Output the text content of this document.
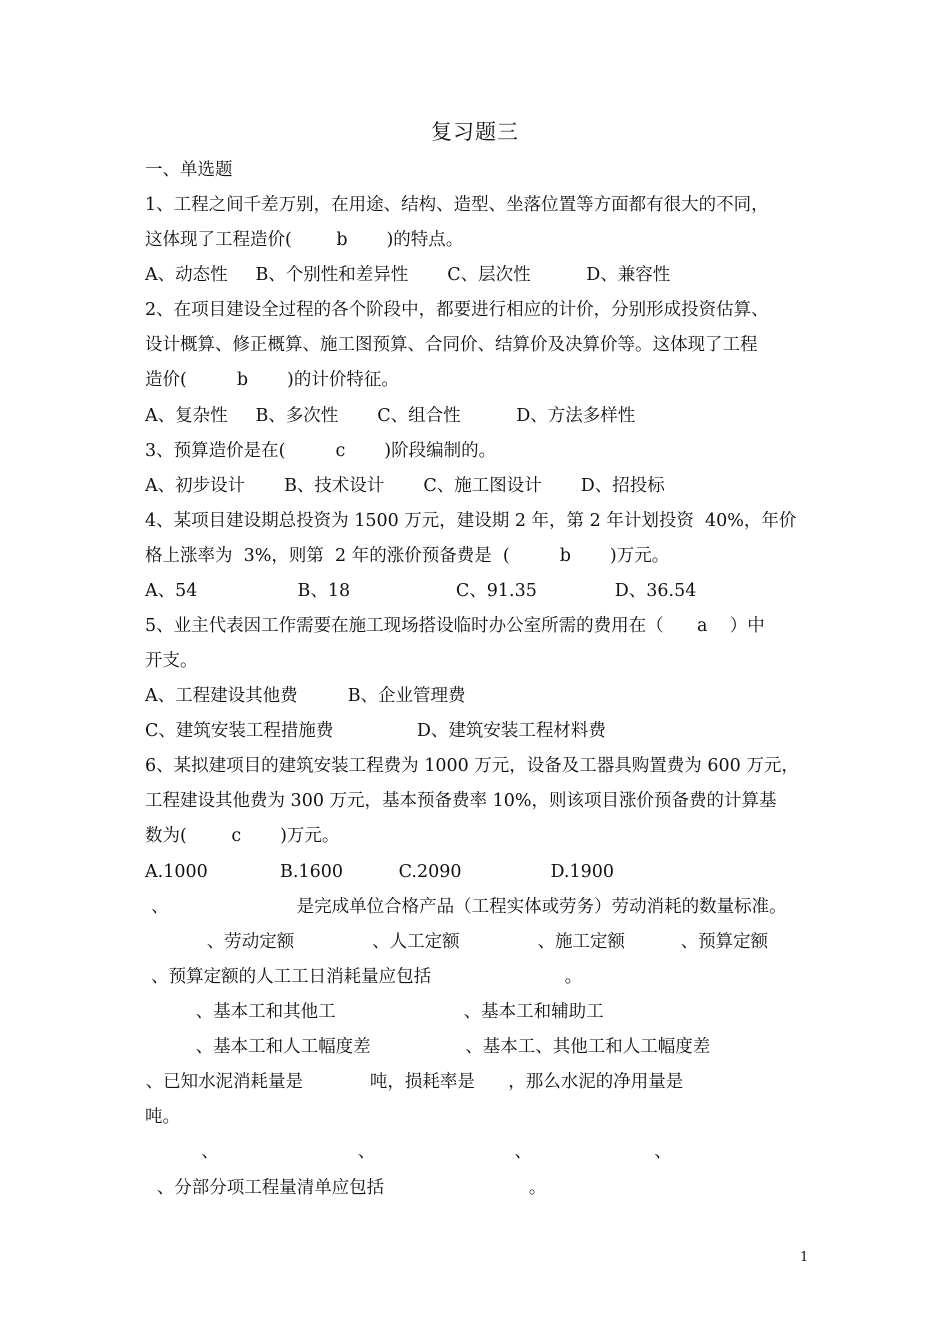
复习题三
一、单选题
1、工程之间千差万别，在用途、结构、造型、坐落位置等方面都有很大的不同，
这体现了工程造价(        b       )的特点。
A、动态性     B、个别性和差异性       C、层次性          D、兼容性
2、在项目建设全过程的各个阶段中，都要进行相应的计价，分别形成投资估算、
设计概算、修正概算、施工图预算、合同价、结算价及决算价等。这体现了工程
造价(         b       )的计价特征。
A、复杂性     B、多次性       C、组合性          D、方法多样性
3、预算造价是在(         c       )阶段编制的。
A、初步设计       B、技术设计       C、施工图设计       D、招投标
4、某项目建设期总投资为 1500 万元，建设期 2 年，第 2 年计划投资  40%，年价
格上涨率为  3%，则第  2 年的涨价预备费是  (         b       )万元。
A、54                  B、18                   C、91.35              D、36.54
5、业主代表因工作需要在施工现场搭设临时办公室所需的费用在（      a    ）中
开支。
A、工程建设其他费         B、企业管理费
C、建筑安装工程措施费               D、建筑安装工程材料费
6、某拟建项目的建筑安装工程费为 1000 万元，设备及工器具购置费为 600 万元，
工程建设其他费为 300 万元，基本预备费率 10%，则该项目涨价预备费的计算基
数为(        c       )万元。
A.1000             B.1600          C.2090                D.1900
、                       是完成单位合格产品（工程实体或劳务）劳动消耗的数量标准。
、劳动定额              、人工定额              、施工定额          、预算定额
、预算定额的人工工日消耗量应包括                        。
、基本工和其他工                       、基本工和辅助工
、基本工和人工幅度差                 、基本工、其他工和人工幅度差
、已知水泥消耗量是            吨，损耗率是      ，那么水泥的净用量是
吨。
、                         、                         、                      、
、分部分项工程量清单应包括                          。
1
